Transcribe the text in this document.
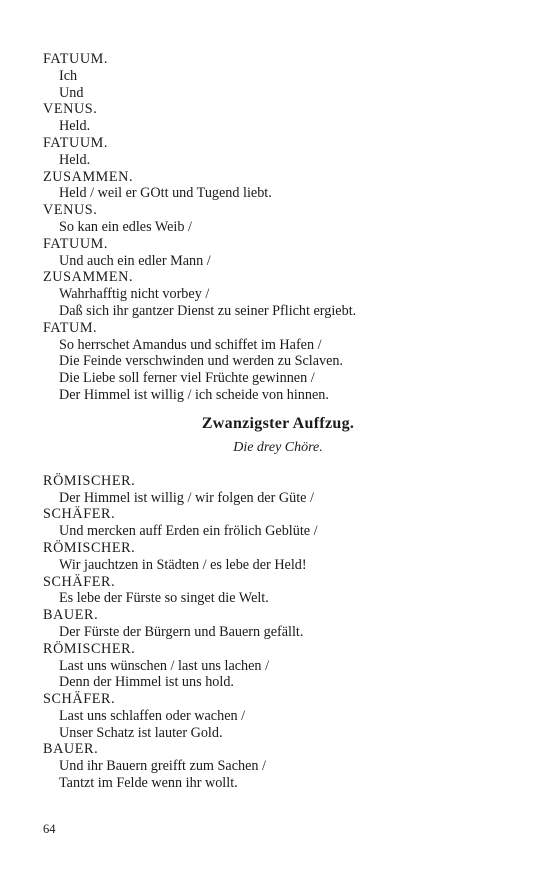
FATUUM.
Ich
Und
VENUS.
Held.
FATUUM.
Held.
ZUSAMMEN.
Held / weil er GOtt und Tugend liebt.
VENUS.
So kan ein edles Weib /
FATUUM.
Und auch ein edler Mann /
ZUSAMMEN.
Wahrhafftig nicht vorbey /
Daß sich ihr gantzer Dienst zu seiner Pflicht ergiebt.
FATUM.
So herrschet Amandus und schiffet im Hafen /
Die Feinde verschwinden und werden zu Sclaven.
Die Liebe soll ferner viel Früchte gewinnen /
Der Himmel ist willig / ich scheide von hinnen.
Zwanzigster Auffzug.
Die drey Chöre.
RÖMISCHER.
Der Himmel ist willig / wir folgen der Güte /
SCHÄFER.
Und mercken auff Erden ein frölich Geblüte /
RÖMISCHER.
Wir jauchtzen in Städten / es lebe der Held!
SCHÄFER.
Es lebe der Fürste so singet die Welt.
BAUER.
Der Fürste der Bürgern und Bauern gefällt.
RÖMISCHER.
Last uns wünschen / last uns lachen /
Denn der Himmel ist uns hold.
SCHÄFER.
Last uns schlaffen oder wachen /
Unser Schatz ist lauter Gold.
BAUER.
Und ihr Bauern greifft zum Sachen /
Tantzt im Felde wenn ihr wollt.
64
